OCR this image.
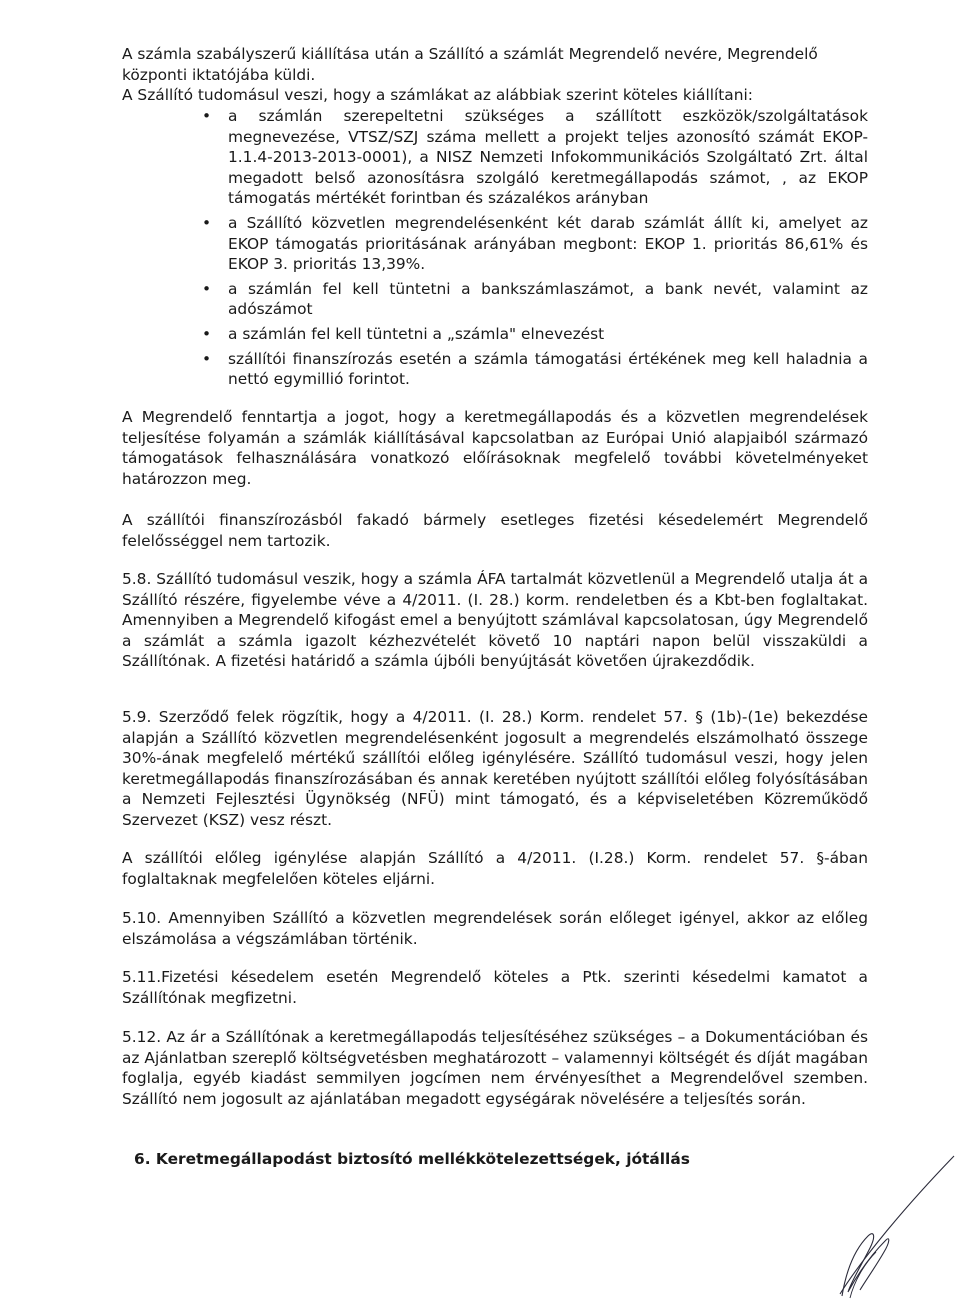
A számla szabályszerű kiállítása után a Szállító a számlát Megrendelő nevére, Megrendelő központi iktatójába küldi.

A Szállító tudomásul veszi, hogy a számlákat az alábbiak szerint köteles kiállítani:

• a számlán szerepeltetni szükséges a szállított eszközök/szolgáltatások megnevezése, VTSZ/SZJ száma mellett a projekt teljes azonosító számát EKOP-1.1.4-2013-2013-0001), a NISZ Nemzeti Infokommunikációs Szolgáltató Zrt. által megadott belső azonosításra szolgáló keretmegállapodás számot, , az EKOP támogatás mértékét forintban és százalékos arányban
• a Szállító közvetlen megrendelésenként két darab számlát állít ki, amelyet az EKOP támogatás prioritásának arányában megbont: EKOP 1. prioritás 86,61% és EKOP 3. prioritás 13,39%.
• a számlán fel kell tüntetni a bankszámlaszámot, a bank nevét, valamint az adószámot
• a számlán fel kell tüntetni a „számla" elnevezést
• szállítói finanszírozás esetén a számla támogatási értékének meg kell haladnia a nettó egymillió forintot.

A Megrendelő fenntartja a jogot, hogy a keretmegállapodás és a közvetlen megrendelések teljesítése folyamán a számlák kiállításával kapcsolatban az Európai Unió alapjaiból származó támogatások felhasználására vonatkozó előírásoknak megfelelő további követelményeket határozzon meg.

A szállítói finanszírozásból fakadó bármely esetleges fizetési késedelemért Megrendelő felelősséggel nem tartozik.

5.8. Szállító tudomásul veszik, hogy a számla ÁFA tartalmát közvetlenül a Megrendelő utalja át a Szállító részére, figyelembe véve a 4/2011. (I. 28.) korm. rendeletben és a Kbt-ben foglaltakat. Amennyiben a Megrendelő kifogást emel a benyújtott számlával kapcsolatosan, úgy Megrendelő a számlát a számla igazolt kézhezvételét követő 10 naptári napon belül visszaküldi a Szállítónak. A fizetési határidő a számla újbóli benyújtását követően újrakezdődik.

5.9. Szerződő felek rögzítik, hogy a 4/2011. (I. 28.) Korm. rendelet 57. § (1b)-(1e) bekezdése alapján a Szállító közvetlen megrendelésenként jogosult a megrendelés elszámolható összege 30%-ának megfelelő mértékű szállítói előleg igénylésére. Szállító tudomásul veszi, hogy jelen keretmegállapodás finanszírozásában és annak keretében nyújtott szállítói előleg folyósításában a Nemzeti Fejlesztési Ügynökség (NFÜ) mint támogató, és a képviseletében Közreműködő Szervezet (KSZ) vesz részt.

A szállítói előleg igénylése alapján Szállító a 4/2011. (I.28.) Korm. rendelet 57. §-ában foglaltaknak megfelelően köteles eljárni.

5.10. Amennyiben Szállító a közvetlen megrendelések során előleget igényel, akkor az előleg elszámolása a végszámlában történik.

5.11.Fizetési késedelem esetén Megrendelő köteles a Ptk. szerinti késedelmi kamatot a Szállítónak megfizetni.

5.12. Az ár a Szállítónak a keretmegállapodás teljesítéséhez szükséges – a Dokumentációban és az Ajánlatban szereplő költségvetésben meghatározott – valamennyi költségét és díját magában foglalja, egyéb kiadást semmilyen jogcímen nem érvényesíthet a Megrendelővel szemben. Szállító nem jogosult az ajánlatában megadott egységárak növelésére a teljesítés során.

6. Keretmegállapodást biztosító mellékkötelezettségek, jótállás
